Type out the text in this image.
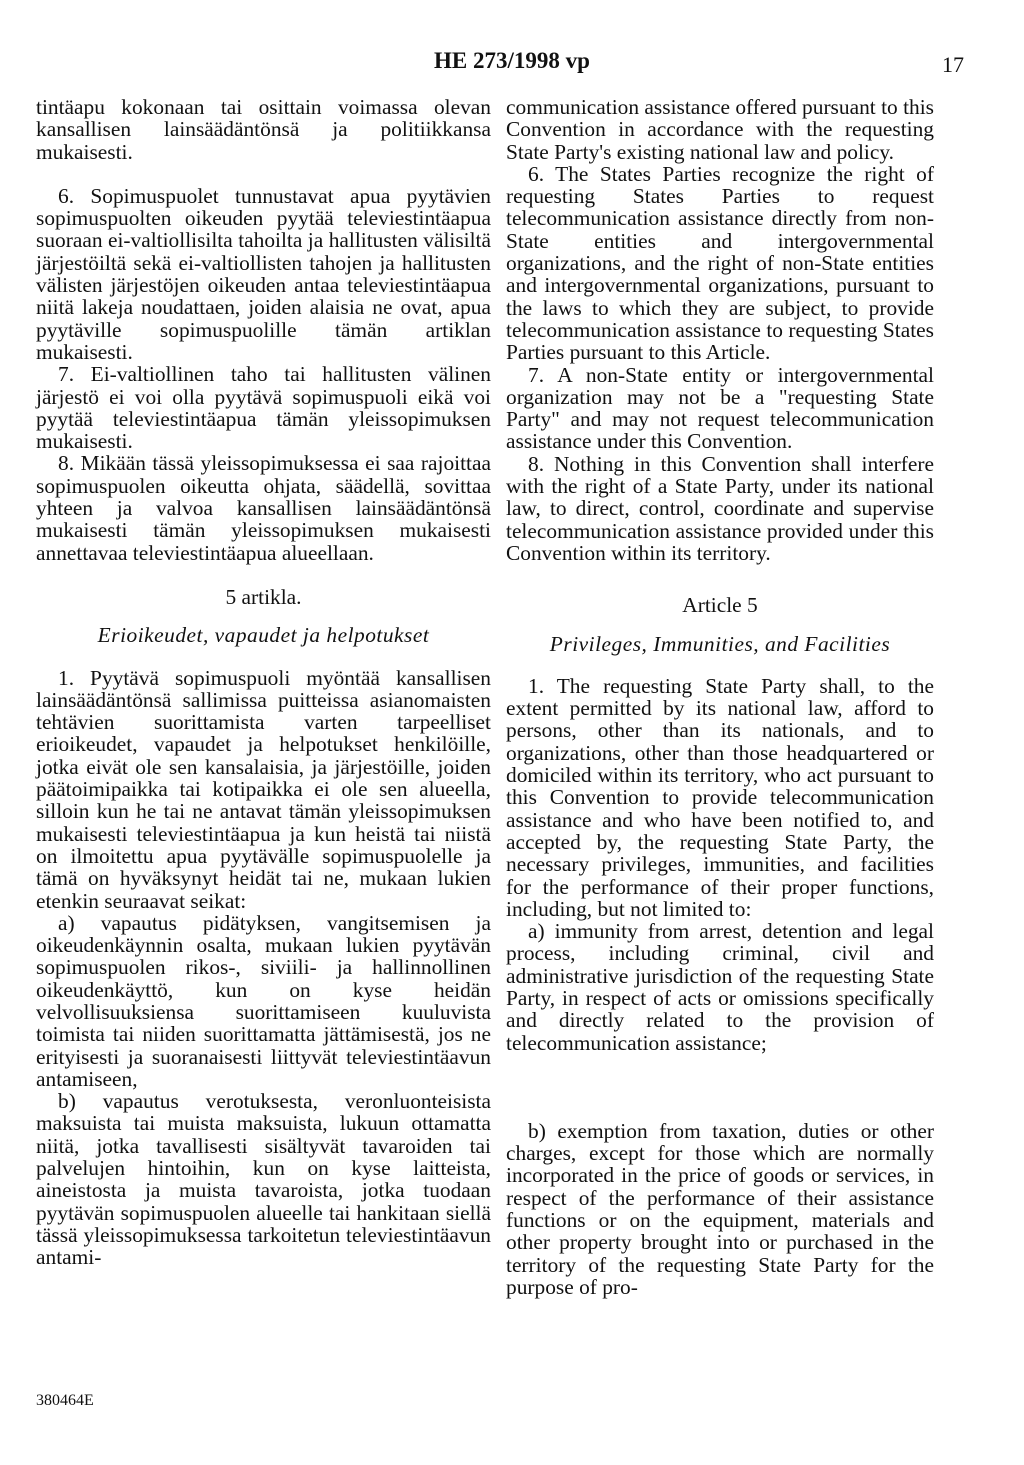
HE 273/1998 vp	17

tintäapu kokonaan tai osittain voimassa olevan kansallisen lainsäädäntönsä ja politiikkansa mukaisesti.

6. Sopimuspuolet tunnustavat apua pyytävien sopimuspuolten oikeuden pyytää televiestintäapua suoraan ei-valtiollisilta tahoilta ja hallitusten välisiltä järjestöiltä sekä ei-valtiollisten tahojen ja hallitusten välisten järjestöjen oikeuden antaa televiestintäapua niitä lakeja noudattaen, joiden alaisia ne ovat, apua pyytäville sopimuspuolille tämän artiklan mukaisesti.

7. Ei-valtiollinen taho tai hallitusten välinen järjestö ei voi olla pyytävä sopimuspuoli eikä voi pyytää televiestintäapua tämän yleissopimuksen mukaisesti.

8. Mikään tässä yleissopimuksessa ei saa rajoittaa sopimuspuolen oikeutta ohjata, säädellä, sovittaa yhteen ja valvoa kansallisen lainsäädäntönsä mukaisesti tämän yleissopimuksen mukaisesti annettavaa televiestintäapua alueellaan.

5 artikla.

Erioikeudet, vapaudet ja helpotukset

1. Pyytävä sopimuspuoli myöntää kansallisen lainsäädäntönsä sallimissa puitteissa asianomaisten tehtävien suorittamista varten tarpeelliset erioikeudet, vapaudet ja helpotukset henkilöille, jotka eivät ole sen kansalaisia, ja järjestöille, joiden päätoimipaikka tai kotipaikka ei ole sen alueella, silloin kun he tai ne antavat tämän yleissopimuksen mukaisesti televiestintäapua ja kun heistä tai niistä on ilmoitettu apua pyytävälle sopimuspuolelle ja tämä on hyväksynyt heidät tai ne, mukaan lukien etenkin seuraavat seikat:

a) vapautus pidätyksen, vangitsemisen ja oikeudenkäynnin osalta, mukaan lukien pyytävän sopimuspuolen rikos-, siviili- ja hallinnollinen oikeudenkäyttö, kun on kyse heidän velvollisuuksiensa suorittamiseen kuuluvista toimista tai niiden suorittamatta jättämisestä, jos ne erityisesti ja suoranaisesti liittyvät televiestintäavun antamiseen,

b) vapautus verotuksesta, veronluonteisista maksuista tai muista maksuista, lukuun ottamatta niitä, jotka tavallisesti sisältyvät tavaroiden tai palvelujen hintoihin, kun on kyse laitteista, aineistosta ja muista tavaroista, jotka tuodaan pyytävän sopimuspuolen alueelle tai hankitaan siellä tässä yleissopimuksessa tarkoitetun televiestintäavun antami-

communication assistance offered pursuant to this Convention in accordance with the requesting State Party's existing national law and policy.

6. The States Parties recognize the right of requesting States Parties to request telecommunication assistance directly from non-State entities and intergovernmental organizations, and the right of non-State entities and intergovernmental organizations, pursuant to the laws to which they are subject, to provide telecommunication assistance to requesting States Parties pursuant to this Article.

7. A non-State entity or intergovernmental organization may not be a "requesting State Party" and may not request telecommunication assistance under this Convention.

8. Nothing in this Convention shall interfere with the right of a State Party, under its national law, to direct, control, coordinate and supervise telecommunication assistance provided under this Convention within its territory.

Article 5

Privileges, Immunities, and Facilities

1. The requesting State Party shall, to the extent permitted by its national law, afford to persons, other than its nationals, and to organizations, other than those headquartered or domiciled within its territory, who act pursuant to this Convention to provide telecommunication assistance and who have been notified to, and accepted by, the requesting State Party, the necessary privileges, immunities, and facilities for the performance of their proper functions, including, but not limited to:

a) immunity from arrest, detention and legal process, including criminal, civil and administrative jurisdiction of the requesting State Party, in respect of acts or omissions specifically and directly related to the provision of telecommunication assistance;

b) exemption from taxation, duties or other charges, except for those which are normally incorporated in the price of goods or services, in respect of the performance of their assistance functions or on the equipment, materials and other property brought into or purchased in the territory of the requesting State Party for the purpose of pro-

380464E
